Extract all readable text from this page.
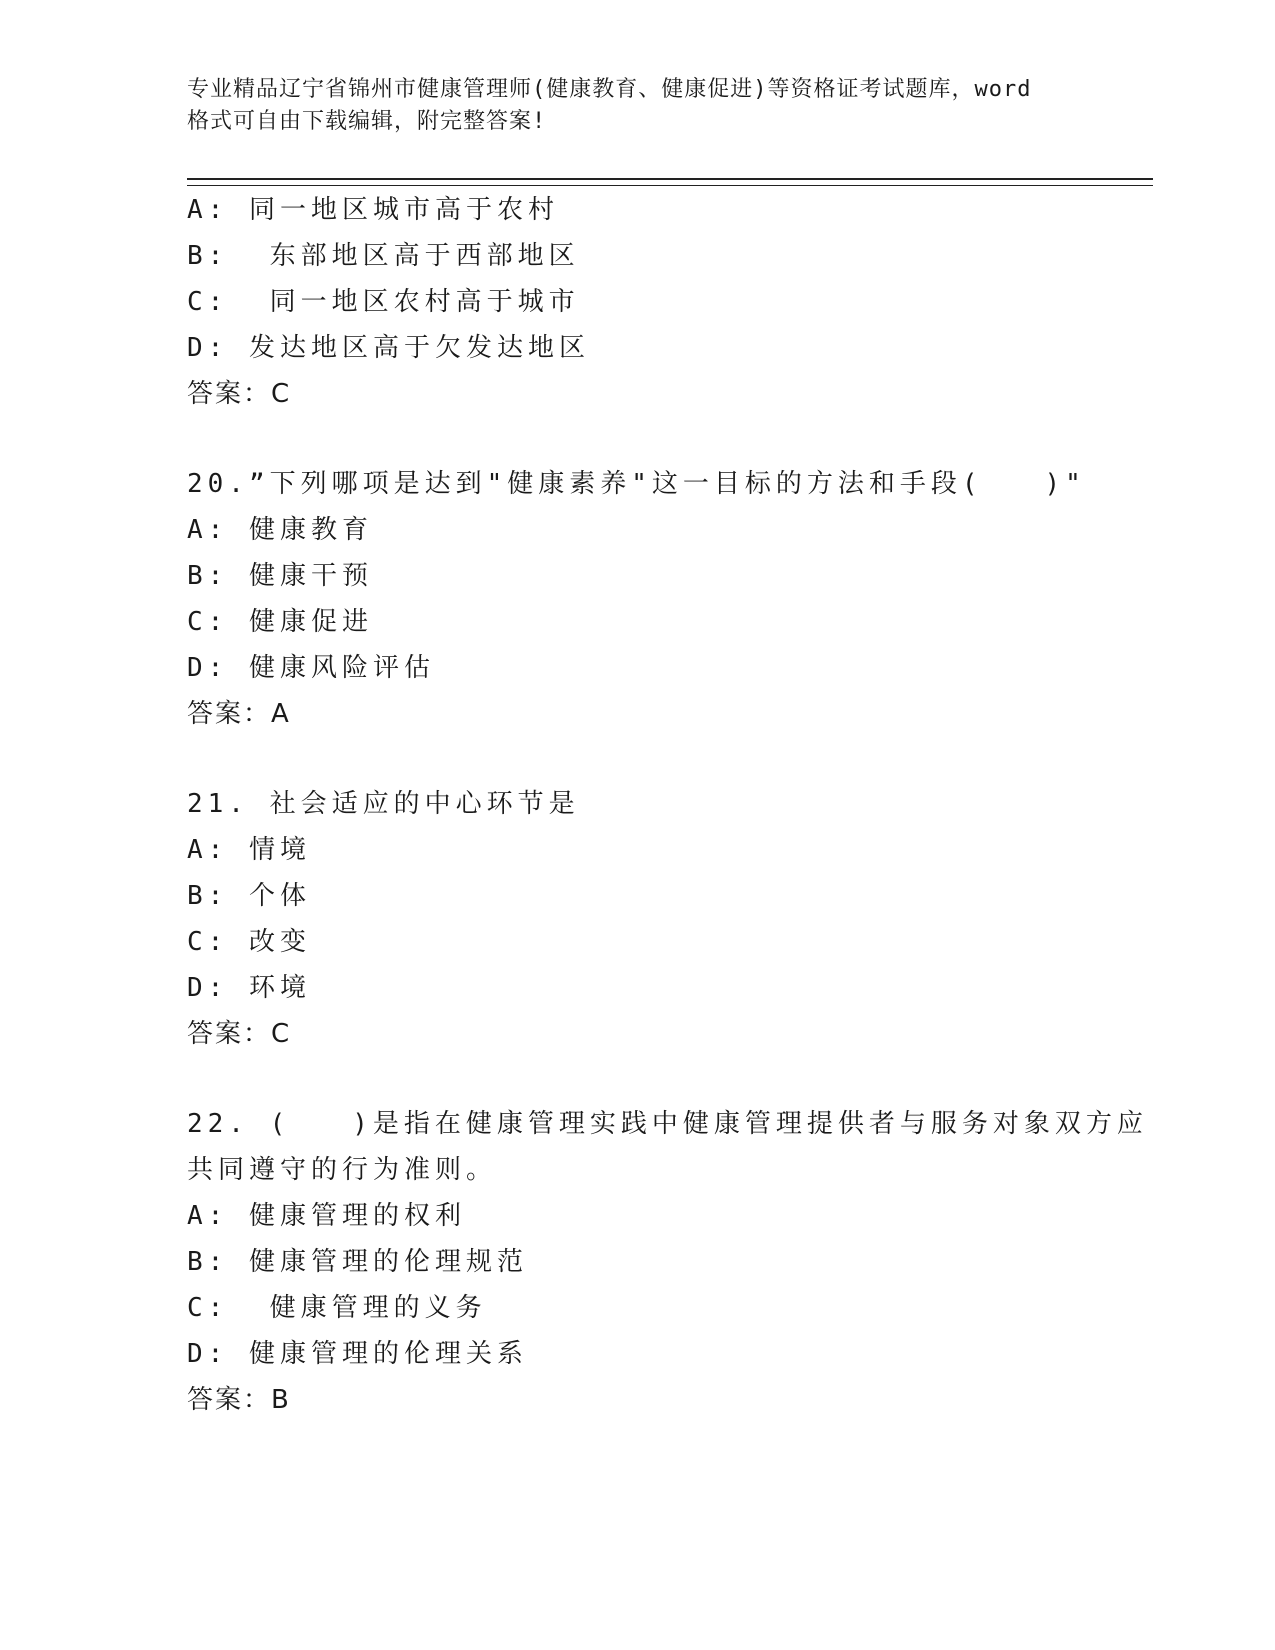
专业精品辽宁省锦州市健康管理师(健康教育、健康促进)等资格证考试题库，word
格式可自由下载编辑，附完整答案!
A: 同一地区城市高于农村
B:  东部地区高于西部地区
C:  同一地区农村高于城市
D: 发达地区高于欠发达地区
答案：C
20.”下列哪项是达到"健康素养"这一目标的方法和手段(   )"
A: 健康教育
B: 健康干预
C: 健康促进
D: 健康风险评估
答案：A
21. 社会适应的中心环节是
A: 情境
B: 个体
C: 改变
D: 环境
答案：C
22. (   )是指在健康管理实践中健康管理提供者与服务对象双方应
共同遵守的行为准则。
A: 健康管理的权利
B: 健康管理的伦理规范
C:  健康管理的义务
D: 健康管理的伦理关系
答案：B
